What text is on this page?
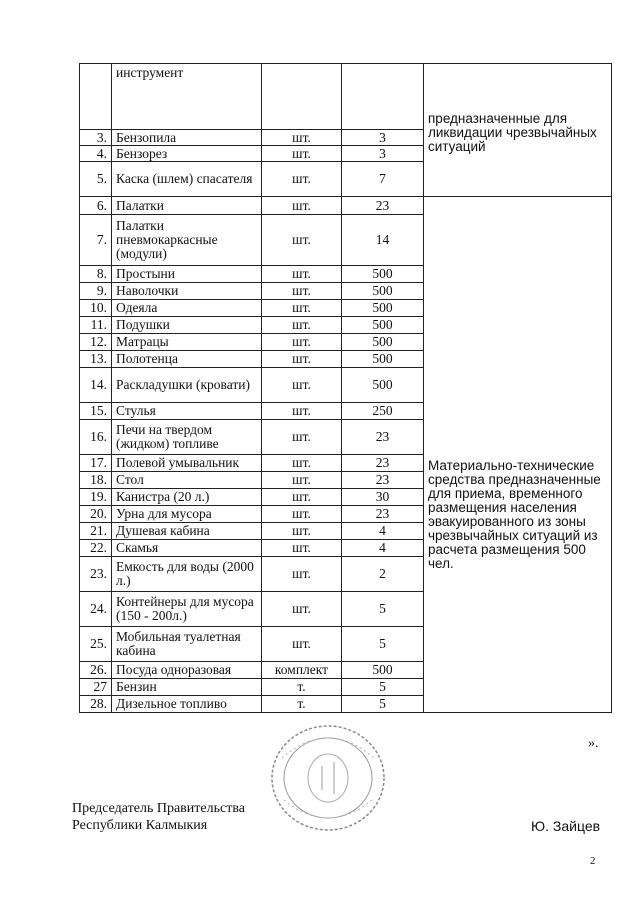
	инструмент			предназначенные для ликвидации чрезвычайных ситуаций
3.	Бензопила	шт.	3	
4.	Бензорез	шт.	3	
5.	Каска (шлем) спасателя	шт.	7	
6.	Палатки	шт.	23	Материально-технические средства предназначенные для приема, временного размещения населения эвакуированного из зоны чрезвычайных ситуаций из расчета размещения 500 чел.
7.	Палатки пневмокаркасные (модули)	шт.	14	
8.	Простыни	шт.	500	
9.	Наволочки	шт.	500	
10.	Одеяла	шт.	500	
11.	Подушки	шт.	500	
12.	Матрацы	шт.	500	
13.	Полотенца	шт.	500	
14.	Раскладушки (кровати)	шт.	500	
15.	Стулья	шт.	250	
16.	Печи на твердом (жидком) топливе	шт.	23	
17.	Полевой умывальник	шт.	23	
18.	Стол	шт.	23	
19.	Канистра (20 л.)	шт.	30	
20.	Урна для мусора	шт.	23	
21.	Душевая кабина	шт.	4	
22.	Скамья	шт.	4	
23.	Емкость для воды (2000 л.)	шт.	2	
24.	Контейнеры для мусора (150 - 200л.)	шт.	5	
25.	Мобильная туалетная кабина	шт.	5	
26.	Посуда одноразовая	комплект	500	
27	Бензин	т.	5	
28.	Дизельное топливо	т.	5	
».
Председатель Правительства
Республики Калмыкия	Ю. Зайцев
2
